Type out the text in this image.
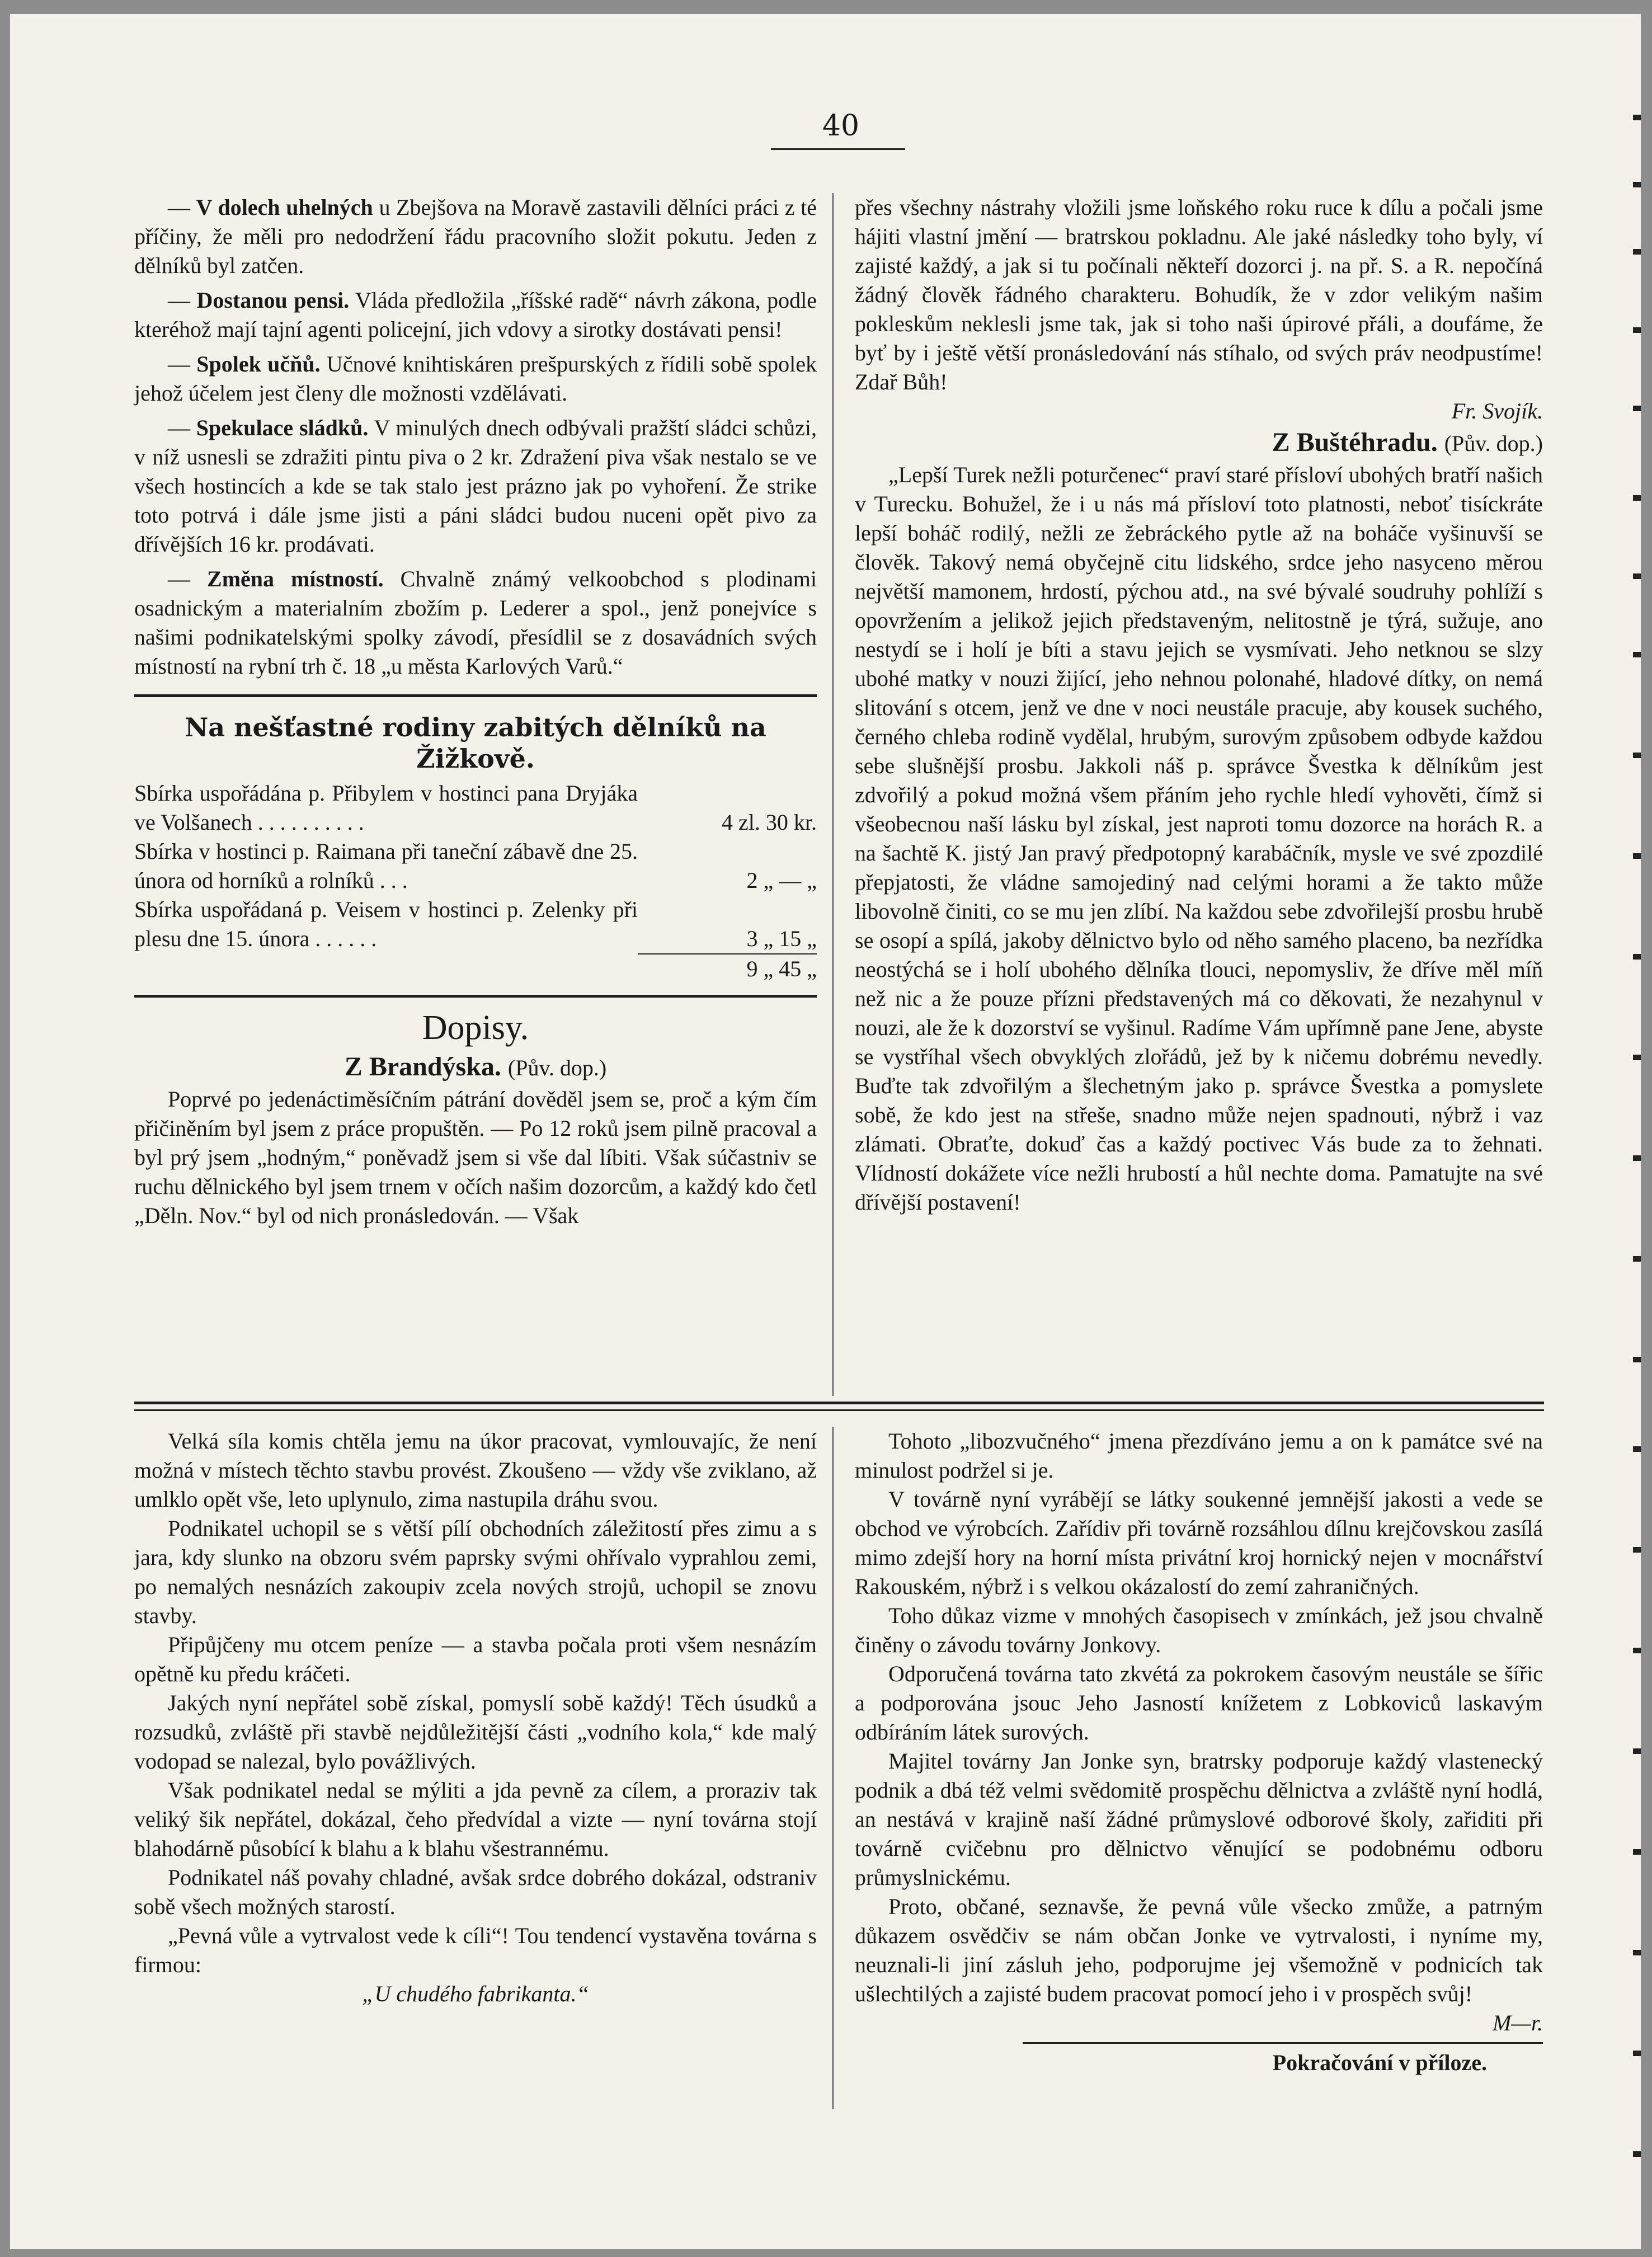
40

— V dolech uhelných u Zbejšova na Moravě zastavili dělníci práci z té příčiny, že měli pro nedodržení řádu pracovního složit pokutu. Jeden z dělníků byl zatčen.

— Dostanou pensi. Vláda předložila „říšské radě“ návrh zákona, podle kteréhož mají tajní agenti policejní, jich vdovy a sirotky dostávati pensi!

— Spolek učňů. Učnové knihtiskáren prešpurských z řídili sobě spolek jehož účelem jest členy dle možnosti vzdělávati.

— Spekulace sládků. V minulých dnech odbývali pražští sládci schůzi, v níž usnesli se zdražiti pintu piva o 2 kr. Zdražení piva však nestalo se ve všech hostincích a kde se tak stalo jest prázno jak po vyhoření. Že strike toto potrvá i dále jsme jisti a páni sládci budou nuceni opět pivo za dřívějších 16 kr. prodávati.

— Změna místností. Chvalně známý velkoobchod s plodinami osadnickým a materialním zbožím p. Lederer a spol., jenž ponejvíce s našimi podnikatelskými spolky závodí, přesídlil se z dosavádních svých místností na rybní trh č. 18 „u města Karlových Varů.“

Na nešťastné rodiny zabitých dělníků na Žižkově.
Sbírka uspořádána p. Přibylem v hostinci pana Dryjáka ve Volšanech . . . . . . . . . .	4 zl. 30 kr.
Sbírka v hostinci p. Raimana při taneční zábavě dne 25. února od horníků a rolníků . . .	2 „ — „
Sbírka uspořádaná p. Veisem v hostinci p. Zelenky při plesu dne 15. února . . . . . .	3 „ 15 „
9 „ 45 „
Dopisy.
Z Brandýska. (Pův. dop.)

Poprvé po jedenáctiměsíčním pátrání dověděl jsem se, proč a kým čím přičiněním byl jsem z práce propuštěn. — Po 12 roků jsem pilně pracoval a byl prý jsem „hodným,“ poněvadž jsem si vše dal líbiti. Však súčastniv se ruchu dělnického byl jsem trnem v očích našim dozorcům, a každý kdo četl „Děln. Nov.“ byl od nich pronásledován. — Však

přes všechny nástrahy vložili jsme loňského roku ruce k dílu a počali jsme hájiti vlastní jmění — bratrskou pokladnu. Ale jaké následky toho byly, ví zajisté každý, a jak si tu počínali někteří dozorci j. na př. S. a R. nepočíná žádný člověk řádného charakteru. Bohudík, že v zdor velikým našim pokleskům neklesli jsme tak, jak si toho naši úpirové přáli, a doufáme, že byť by i ještě větší pronásledování nás stíhalo, od svých práv neodpustíme! Zdař Bůh!

Fr. Svojík.

Z Buštéhradu. (Pův. dop.)

„Lepší Turek nežli poturčenec“ praví staré přísloví ubohých bratří našich v Turecku. Bohužel, že i u nás má přísloví toto platnosti, neboť tisíckráte lepší boháč rodilý, nežli ze žebráckého pytle až na boháče vyšinuvší se člověk. Takový nemá obyčejně citu lidského, srdce jeho nasyceno měrou největší mamonem, hrdostí, pýchou atd., na své bývalé soudruhy pohlíží s opovržením a jelikož jejich představeným, nelitostně je týrá, sužuje, ano nestydí se i holí je bíti a stavu jejich se vysmívati. Jeho netknou se slzy ubohé matky v nouzi žijící, jeho nehnou polonahé, hladové dítky, on nemá slitování s otcem, jenž ve dne v noci neustále pracuje, aby kousek suchého, černého chleba rodině vydělal, hrubým, surovým způsobem odbyde každou sebe slušnější prosbu. Jakkoli náš p. správce Švestka k dělníkům jest zdvořilý a pokud možná všem přáním jeho rychle hledí vyhověti, čímž si všeobecnou naší lásku byl získal, jest naproti tomu dozorce na horách R. a na šachtě K. jistý Jan pravý předpotopný karabáčník, mysle ve své zpozdilé přepjatosti, že vládne samojediný nad celými horami a že takto může libovolně činiti, co se mu jen zlíbí. Na každou sebe zdvořilejší prosbu hrubě se osopí a spílá, jakoby dělnictvo bylo od něho samého placeno, ba nezřídka neostýchá se i holí ubohého dělníka tlouci, nepomysliv, že dříve měl míň než nic a že pouze přízni představených má co děkovati, že nezahynul v nouzi, ale že k dozorství se vyšinul. Radíme Vám upřímně pane Jene, abyste se vystříhal všech obvyklých zlořádů, jež by k ničemu dobrému nevedly. Buďte tak zdvořilým a šlechetným jako p. správce Švestka a pomyslete sobě, že kdo jest na střeše, snadno může nejen spadnouti, nýbrž i vaz zlámati. Obraťte, dokuď čas a každý poctivec Vás bude za to žehnati. Vlídností dokážete více nežli hrubostí a hůl nechte doma. Pamatujte na své dřívější postavení!

Velká síla komis chtěla jemu na úkor pracovat, vymlouvajíc, že není možná v místech těchto stavbu provést. Zkoušeno — vždy vše zviklano, až umlklo opět vše, leto uplynulo, zima nastupila dráhu svou.

Podnikatel uchopil se s větší pílí obchodních záležitostí přes zimu a s jara, kdy slunko na obzoru svém paprsky svými ohřívalo vyprahlou zemi, po nemalých nesnázích zakoupiv zcela nových strojů, uchopil se znovu stavby.

Připůjčeny mu otcem peníze — a stavba počala proti všem nesnázím opětně ku předu kráčeti.

Jakých nyní nepřátel sobě získal, pomyslí sobě každý! Těch úsudků a rozsudků, zvláště při stavbě nejdůležitější části „vodního kola,“ kde malý vodopad se nalezal, bylo povážlivých.

Však podnikatel nedal se mýliti a jda pevně za cílem, a proraziv tak veliký šik nepřátel, dokázal, čeho předvídal a vizte — nyní továrna stojí blahodárně působící k blahu a k blahu všestrannému.

Podnikatel náš povahy chladné, avšak srdce dobrého dokázal, odstraniv sobě všech možných starostí.

„Pevná vůle a vytrvalost vede k cíli“! Tou tendencí vystavěna továrna s firmou:

„U chudého fabrikanta.“

Tohoto „libozvučného“ jmena přezdíváno jemu a on k památce své na minulost podržel si je.

V továrně nyní vyrábějí se látky soukenné jemnější jakosti a vede se obchod ve výrobcích. Zařídiv při továrně rozsáhlou dílnu krejčovskou zasílá mimo zdejší hory na horní místa privátní kroj hornický nejen v mocnářství Rakouském, nýbrž i s velkou okázalostí do zemí zahraničných.

Toho důkaz vizme v mnohých časopisech v zmínkách, jež jsou chvalně činěny o závodu továrny Jonkovy.

Odporučená továrna tato zkvétá za pokrokem časovým neustále se šířic a podporována jsouc Jeho Jasností knížetem z Lobkoviců laskavým odbíráním látek surových.

Majitel továrny Jan Jonke syn, bratrsky podporuje každý vlastenecký podnik a dbá též velmi svědomitě prospěchu dělnictva a zvláště nyní hodlá, an nestává v krajině naší žádné průmyslové odborové školy, zařiditi při továrně cvičebnu pro dělnictvo věnující se podobnému odboru průmyslnickému.

Proto, občané, seznavše, že pevná vůle všecko zmůže, a patrným důkazem osvědčiv se nám občan Jonke ve vytrvalosti, i nyníme my, neuznali-li jiní zásluh jeho, podporujme jej všemožně v podnicích tak ušlechtilých a zajisté budem pracovat pomocí jeho i v prospěch svůj!

M—r.

Pokračování v příloze.
